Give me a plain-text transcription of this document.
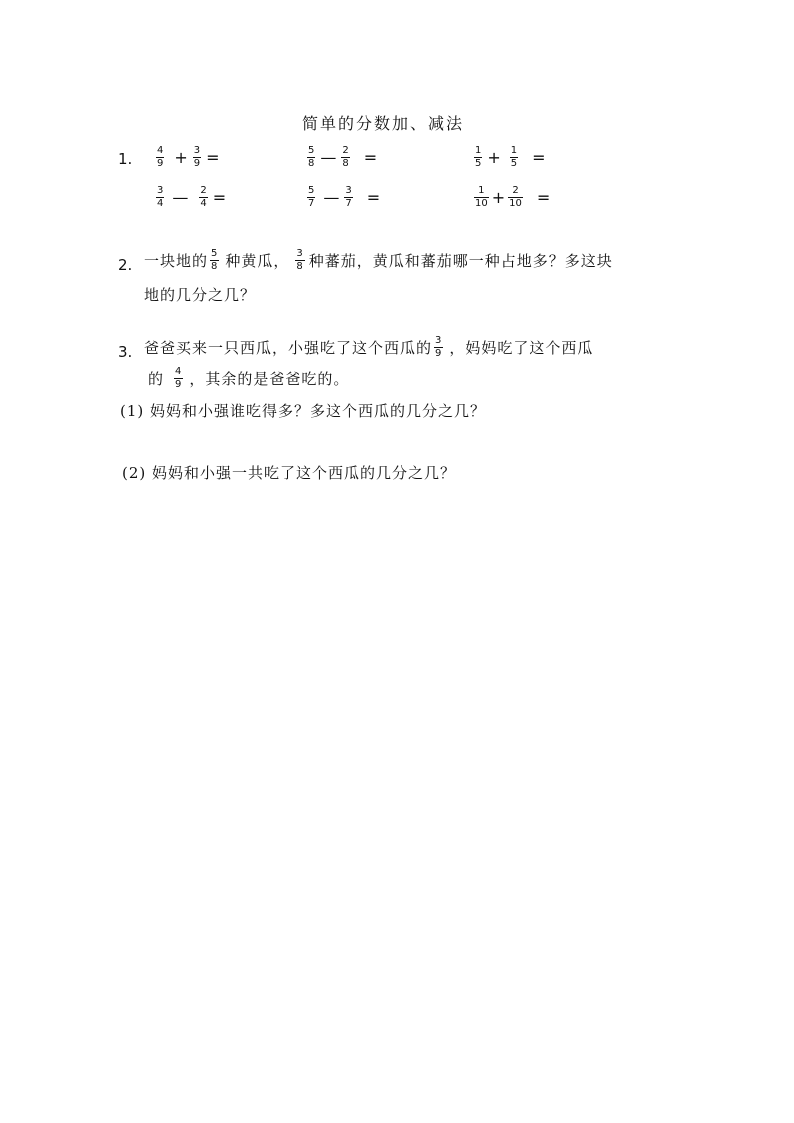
简单的分数加、减法
1. $\frac{4}{9} + \frac{3}{9}$ =	$\frac{5}{8}$ — $\frac{2}{8}$ =	$\frac{1}{5} + \frac{1}{5}$ =
$\frac{3}{4}$ — $\frac{2}{4}$ =	$\frac{5}{7}$ — $\frac{3}{7}$ =	$\frac{1}{10} + \frac{2}{10}$ =
2. 一块地的 $\frac{5}{8}$ 种黄瓜， $\frac{3}{8}$ 种蕃茄，黄瓜和蕃茄哪一种占地多？多这块
地的几分之几？
3. 爸爸买来一只西瓜，小强吃了这个西瓜的 $\frac{3}{9}$ ，妈妈吃了这个西瓜
的 $\frac{4}{9}$ ，其余的是爸爸吃的。
(1) 妈妈和小强谁吃得多？多这个西瓜的几分之几？
(2) 妈妈和小强一共吃了这个西瓜的几分之几？
